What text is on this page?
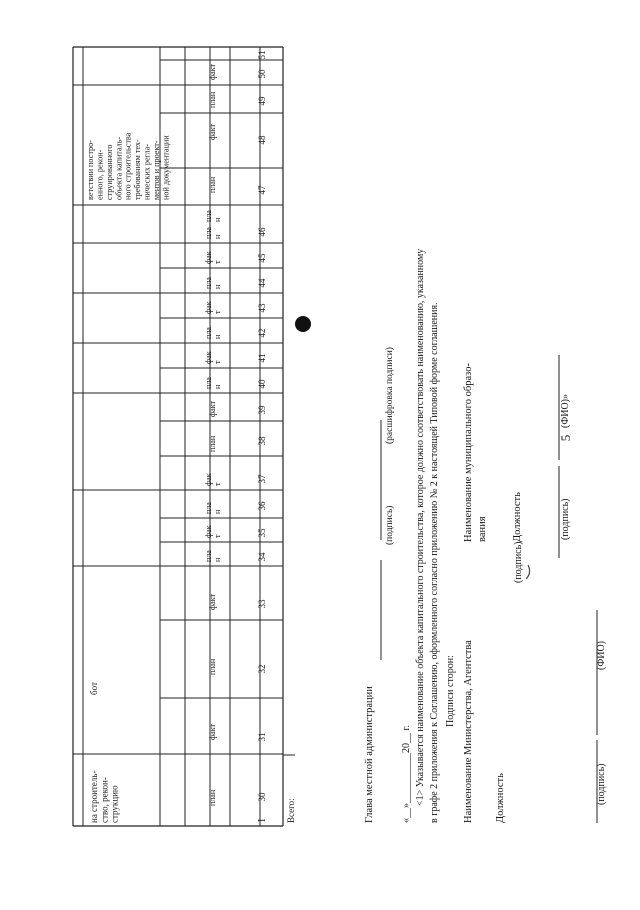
5
на строитель-ство, рекон-струкцию
бот
ветствии постро-енного, рекон-струированногообъекта капиталь-ного строительстватребованиям тех-нических регла-ментов и проект-ной документации
план
факт
план
факт
план
факт
план
факт
план
факт
план
факт
план
факт
план
факт
план
план
план
факт
план
факт
30
31
32
33
34
35
36
37
38
39
40
41
42
43
44
45
46
47
48
49
50
51
I Всего:	Глава местной администрации
(подпись)
(расшифровка подписи)
«__»__________20__ г. <1> Указывается наименование объекта капитального строительства, которое должно соответствовать наименованию, указанному в графе 2 приложения к Соглашению, оформленного согласно приложению № 2 к настоящей Типовой форме соглашения. Подписи сторон: Наименование Министерства, Агентства Должность
(подпись)
(подпись)
(ФИО)
Наименование муниципального образо- вания Должность	(подпись)
(ФИО)»
